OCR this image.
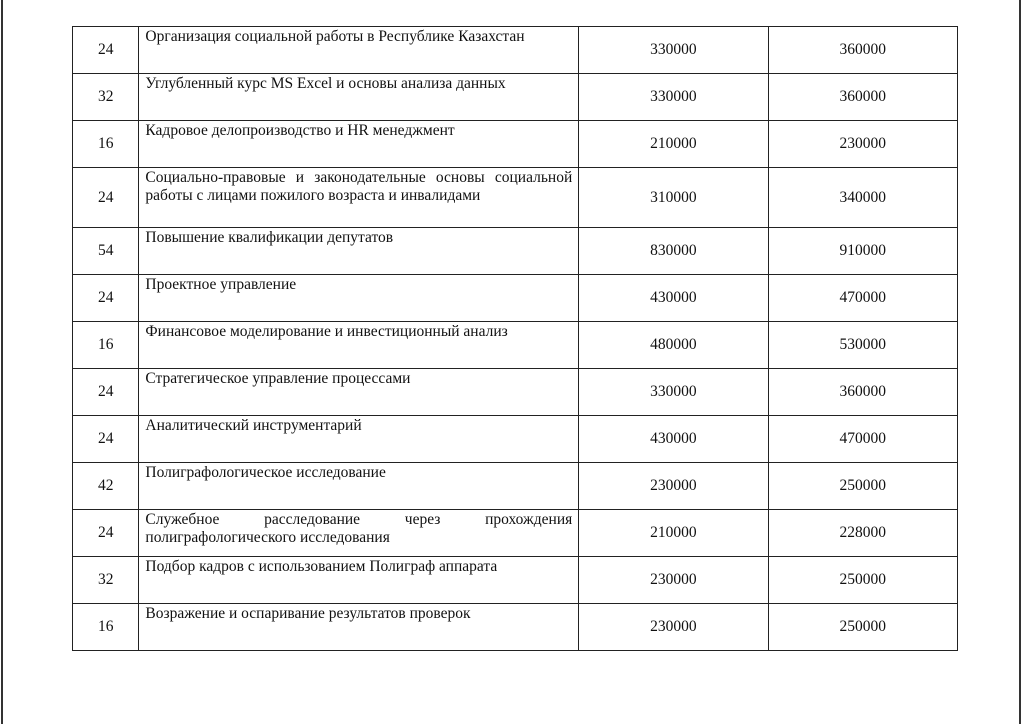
24	Организация социальной работы в Республике Казахстан	330000	360000
32	Углубленный курс MS Excel и основы анализа данных	330000	360000
16	Кадровое делопроизводство и HR менеджмент	210000	230000
24	Социально-правовые и законодательные основы социальной работы с лицами пожилого возраста и инвалидами	310000	340000
54	Повышение квалификации депутатов	830000	910000
24	Проектное управление	430000	470000
16	Финансовое моделирование и инвестиционный анализ	480000	530000
24	Стратегическое управление процессами	330000	360000
24	Аналитический инструментарий	430000	470000
42	Полиграфологическое исследование	230000	250000
24	Служебное расследование через прохождения полиграфологического исследования	210000	228000
32	Подбор кадров с использованием Полиграф аппарата	230000	250000
16	Возражение и оспаривание результатов проверок	230000	250000
